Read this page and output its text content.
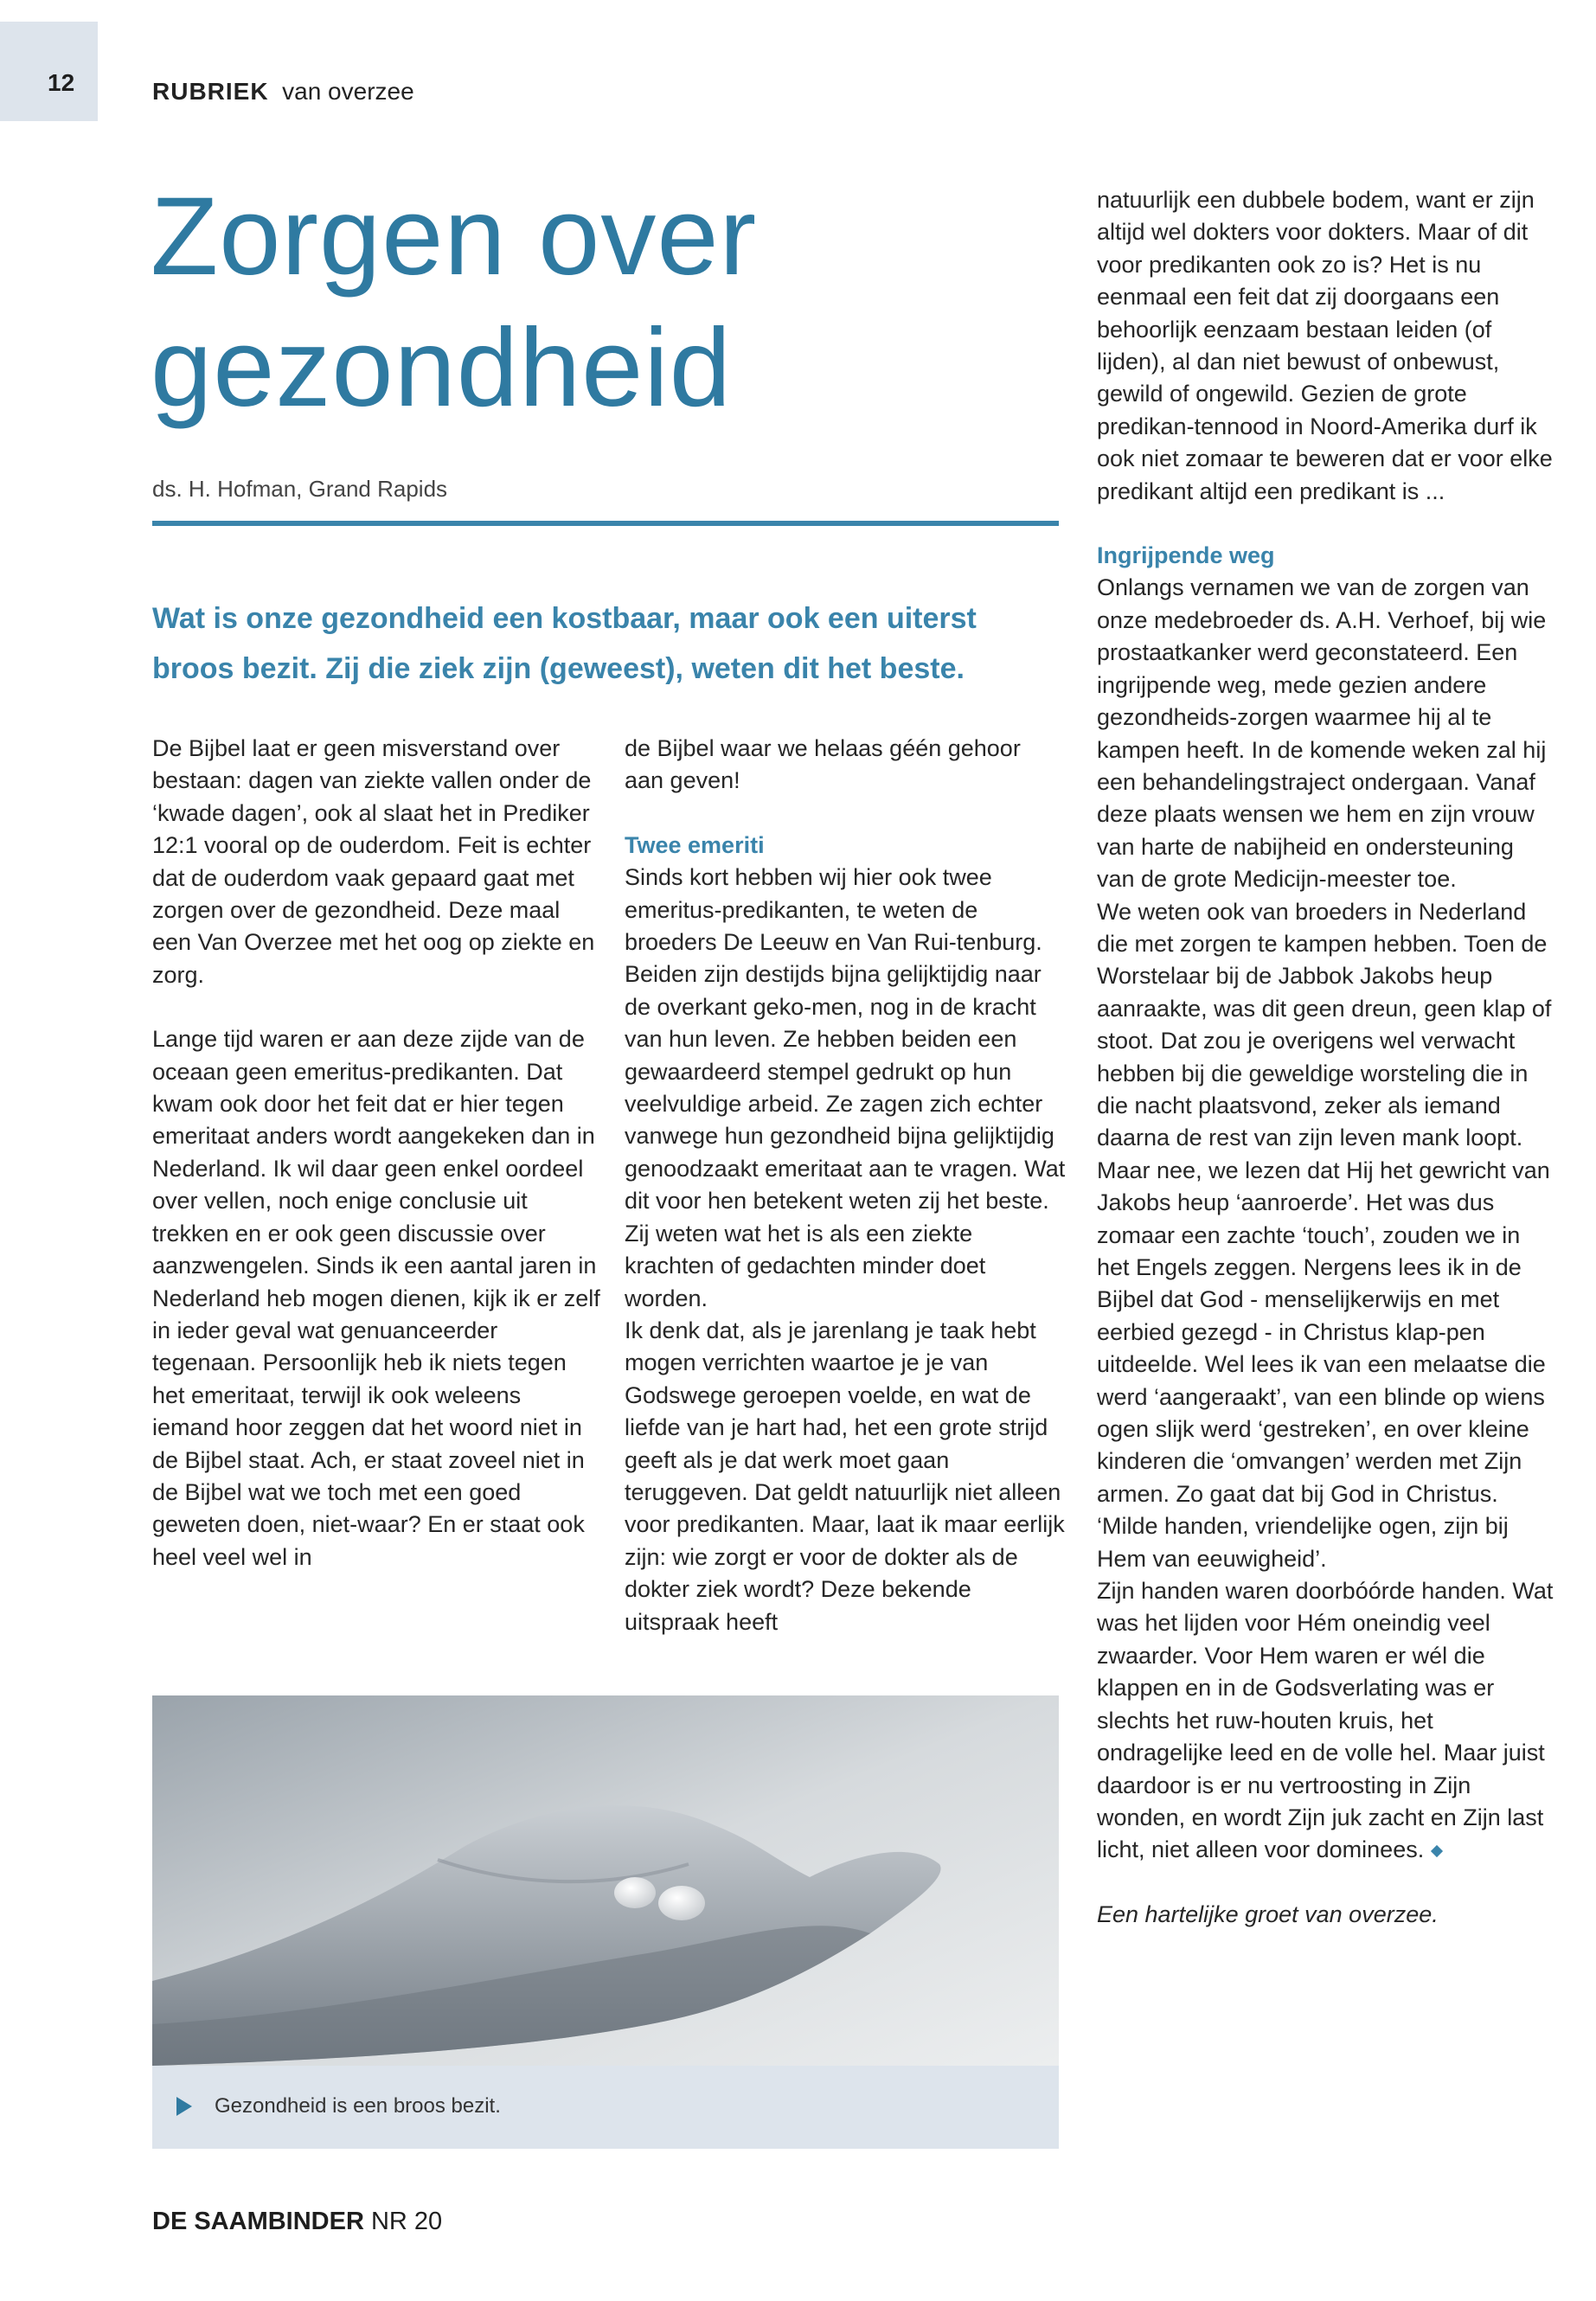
12	RUBRIEK van overzee
Zorgen over
gezondheid
ds. H. Hofman, Grand Rapids

Wat is onze gezondheid een kostbaar, maar ook een uiterst broos bezit. Zij die ziek zijn (geweest), weten dit het beste.

De Bijbel laat er geen misverstand over bestaan: dagen van ziekte vallen onder de ‘kwade dagen’, ook al slaat het in Prediker 12:1 vooral op de ouderdom. Feit is echter dat de ouderdom vaak gepaard gaat met zorgen over de gezondheid. Deze maal een Van Overzee met het oog op ziekte en zorg.

Lange tijd waren er aan deze zijde van de oceaan geen emeritus-predikanten. Dat kwam ook door het feit dat er hier tegen emeritaat anders wordt aangekeken dan in Nederland. Ik wil daar geen enkel oordeel over vellen, noch enige conclusie uit trekken en er ook geen discussie over aanzwengelen. Sinds ik een aantal jaren in Nederland heb mogen dienen, kijk ik er zelf in ieder geval wat genuanceerder tegenaan. Persoonlijk heb ik niets tegen het emeritaat, terwijl ik ook weleens iemand hoor zeggen dat het woord niet in de Bijbel staat. Ach, er staat zoveel niet in de Bijbel wat we toch met een goed geweten doen, niet-waar? En er staat ook heel veel wel in

de Bijbel waar we helaas géén gehoor aan geven!

Twee emeriti

Sinds kort hebben wij hier ook twee emeritus-predikanten, te weten de broeders De Leeuw en Van Rui-tenburg. Beiden zijn destijds bijna gelijktijdig naar de overkant geko-men, nog in de kracht van hun leven. Ze hebben beiden een gewaardeerd stempel gedrukt op hun veelvuldige arbeid. Ze zagen zich echter vanwege hun gezondheid bijna gelijktijdig genoodzaakt emeritaat aan te vragen. Wat dit voor hen betekent weten zij het beste. Zij weten wat het is als een ziekte krachten of gedachten minder doet worden.

Ik denk dat, als je jarenlang je taak hebt mogen verrichten waartoe je je van Godswege geroepen voelde, en wat de liefde van je hart had, het een grote strijd geeft als je dat werk moet gaan teruggeven. Dat geldt natuurlijk niet alleen voor predikanten. Maar, laat ik maar eerlijk zijn: wie zorgt er voor de dokter als de dokter ziek wordt? Deze bekende uitspraak heeft

natuurlijk een dubbele bodem, want er zijn altijd wel dokters voor dokters. Maar of dit voor predikanten ook zo is? Het is nu eenmaal een feit dat zij doorgaans een behoorlijk eenzaam bestaan leiden (of lijden), al dan niet bewust of onbewust, gewild of ongewild. Gezien de grote predikan-tennood in Noord-Amerika durf ik ook niet zomaar te beweren dat er voor elke predikant altijd een predikant is ...

Ingrijpende weg

Onlangs vernamen we van de zorgen van onze medebroeder ds. A.H. Verhoef, bij wie prostaatkanker werd geconstateerd. Een ingrijpende weg, mede gezien andere gezondheids-zorgen waarmee hij al te kampen heeft. In de komende weken zal hij een behandelingstraject ondergaan. Vanaf deze plaats wensen we hem en zijn vrouw van harte de nabijheid en ondersteuning van de grote Medicijn-meester toe.

We weten ook van broeders in Nederland die met zorgen te kampen hebben. Toen de Worstelaar bij de Jabbok Jakobs heup aanraakte, was dit geen dreun, geen klap of stoot. Dat zou je overigens wel verwacht hebben bij die geweldige worsteling die in die nacht plaatsvond, zeker als iemand daarna de rest van zijn leven mank loopt. Maar nee, we lezen dat Hij het gewricht van Jakobs heup ‘aanroerde’. Het was dus zomaar een zachte ‘touch’, zouden we in het Engels zeggen. Nergens lees ik in de Bijbel dat God - menselijkerwijs en met eerbied gezegd - in Christus klap-pen uitdeelde. Wel lees ik van een melaatse die werd ‘aangeraakt’, van een blinde op wiens ogen slijk werd ‘gestreken’, en over kleine kinderen die ‘omvangen’ werden met Zijn armen. Zo gaat dat bij God in Christus. ‘Milde handen, vriendelijke ogen, zijn bij Hem van eeuwigheid’.

Zijn handen waren doorbóórde handen. Wat was het lijden voor Hém oneindig veel zwaarder. Voor Hem waren er wél die klappen en in de Godsverlating was er slechts het ruw-houten kruis, het ondragelijke leed en de volle hel. Maar juist daardoor is er nu vertroosting in Zijn wonden, en wordt Zijn juk zacht en Zijn last licht, niet alleen voor dominees.

Een hartelijke groet van overzee.

Gezondheid is een broos bezit.
DE SAAMBINDER NR 20
